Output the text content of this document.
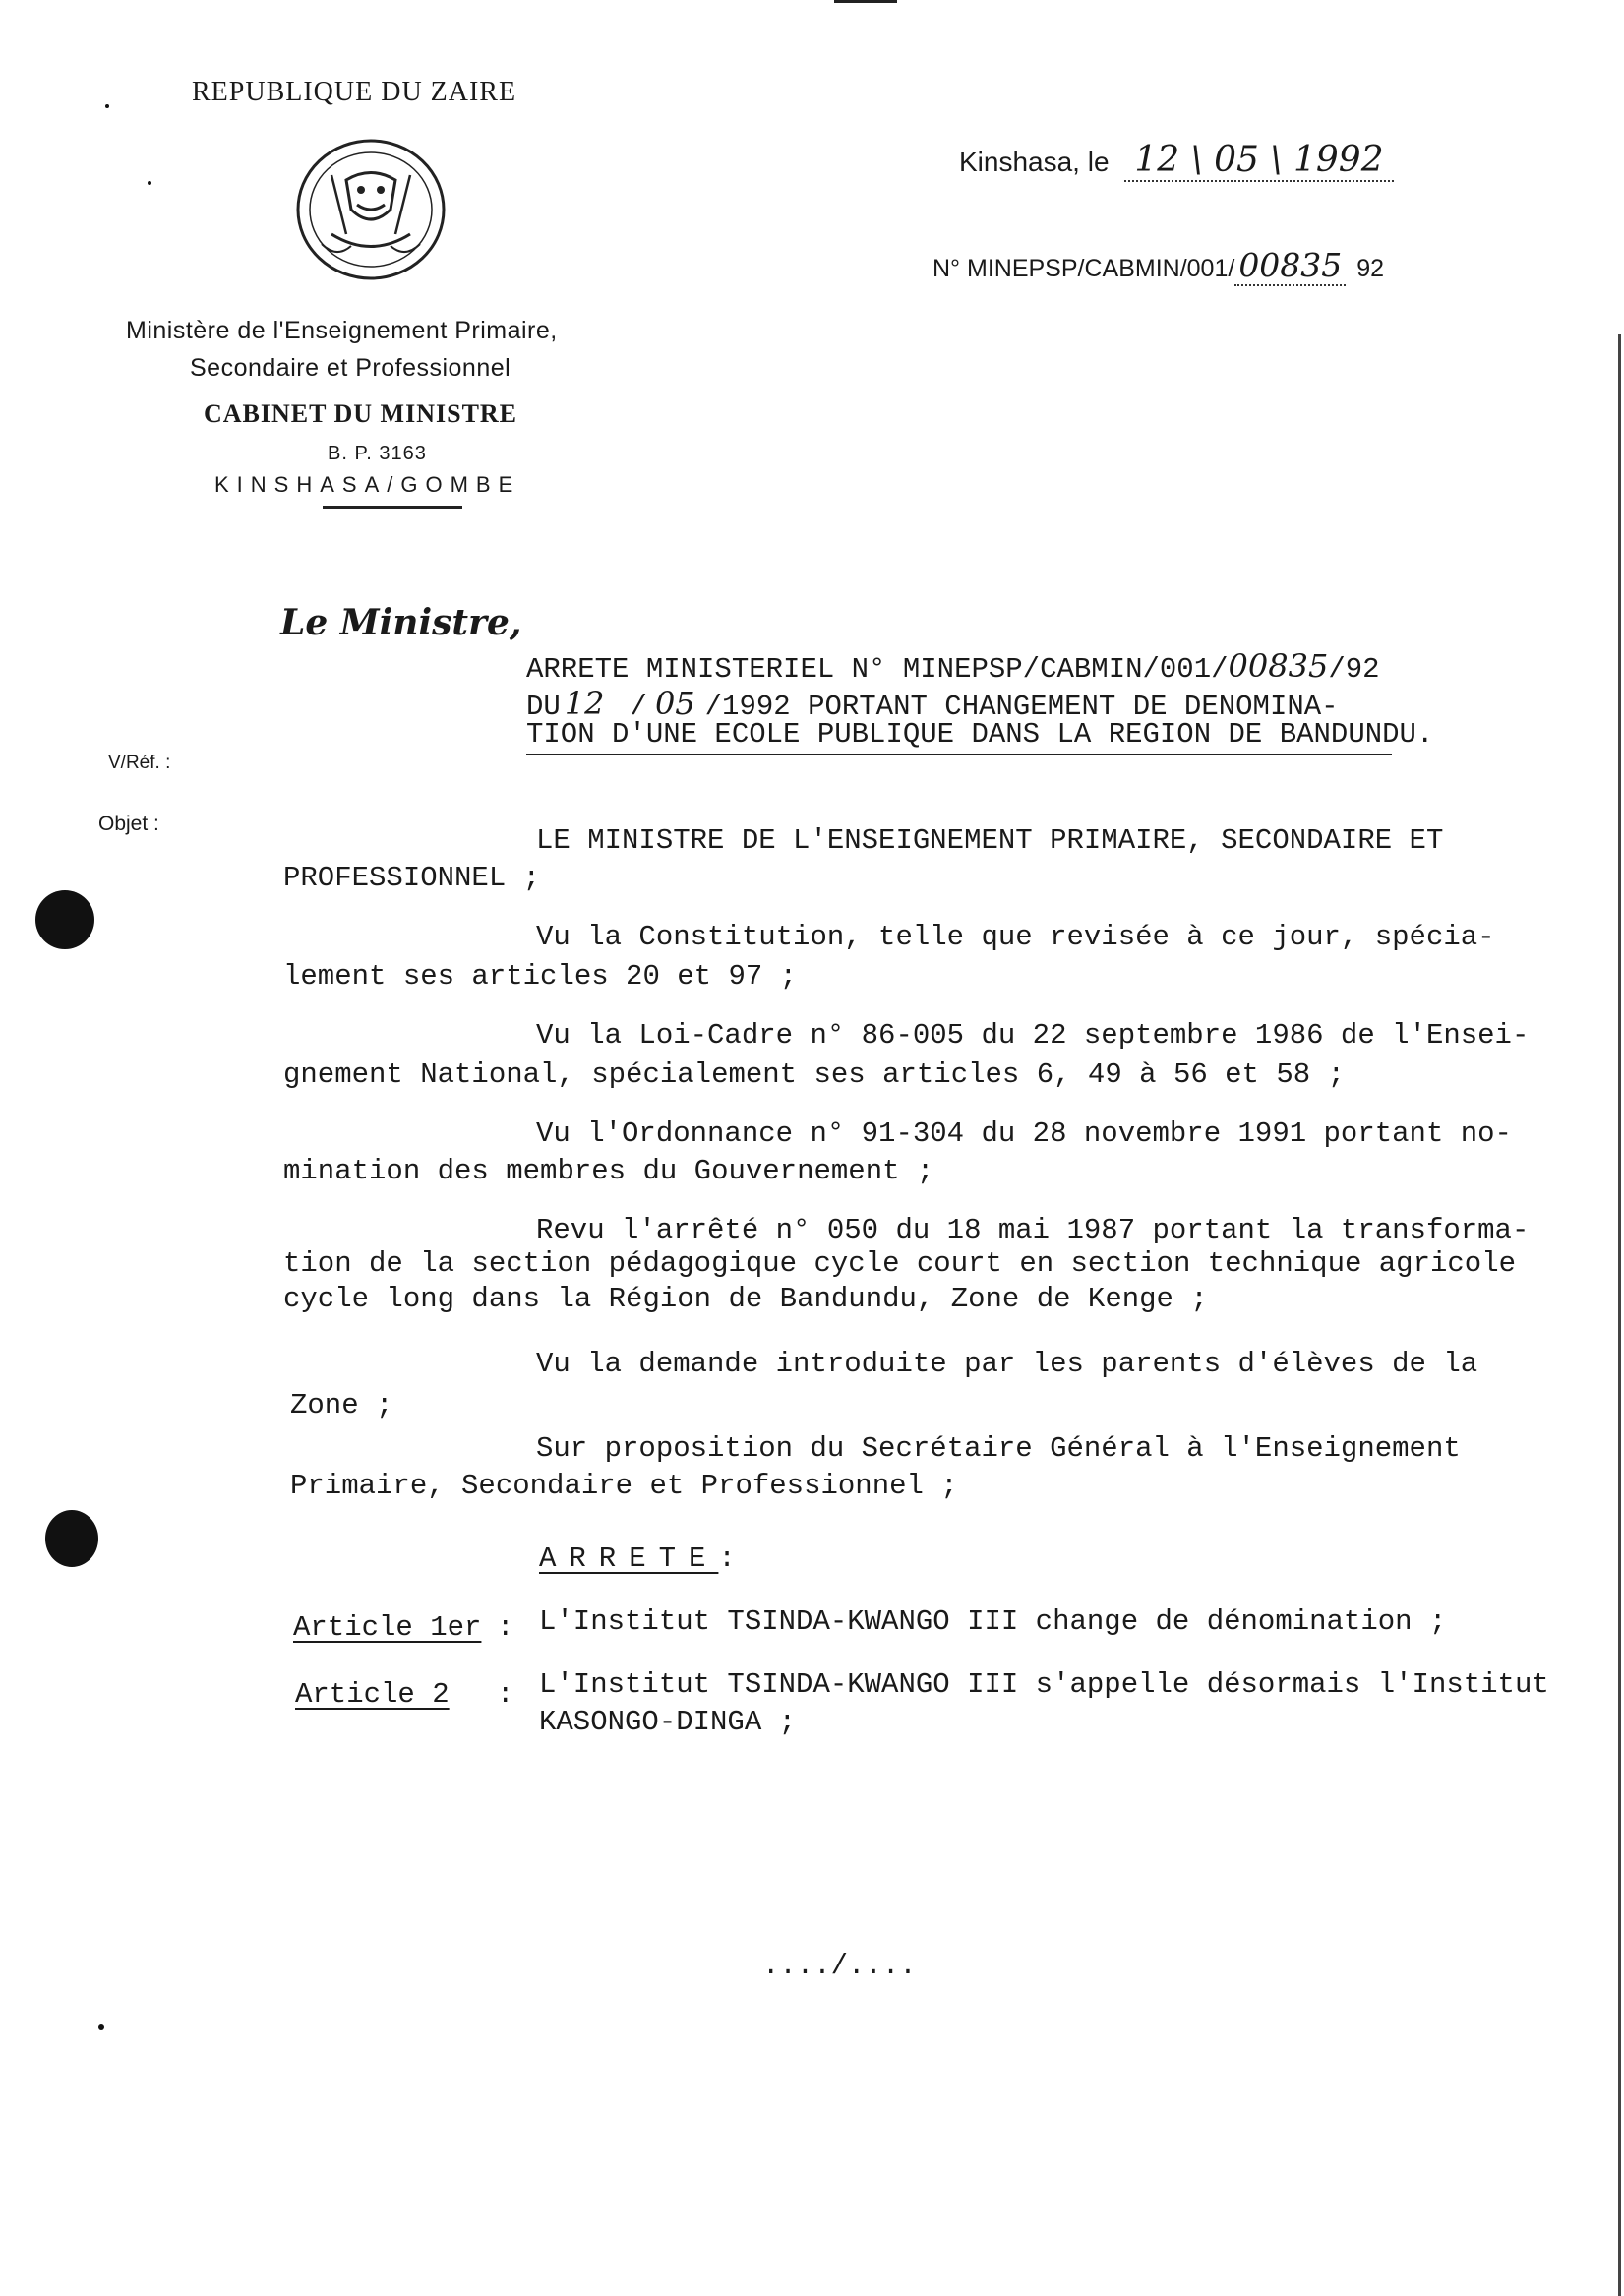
REPUBLIQUE DU ZAIRE
Ministère de l'Enseignement Primaire,
Secondaire et Professionnel
CABINET DU MINISTRE
B. P. 3163
KINSHASA/GOMBE
Kinshasa, le 12 \ 05 \ 1992
N° MINEPSP/CABMIN/001/ 00835 92
Le Ministre,
ARRETE MINISTERIEL N° MINEPSP/CABMIN/001/00835/92
DU 12 / 05 /1992 PORTANT CHANGEMENT DE DENOMINA-
TION D'UNE ECOLE PUBLIQUE DANS LA REGION DE BANDUNDU.
V/Réf. :
Objet :
LE MINISTRE DE L'ENSEIGNEMENT PRIMAIRE, SECONDAIRE ET
PROFESSIONNEL ;
Vu la Constitution, telle que revisée à ce jour, spécia-
lement ses articles 20 et 97 ;
Vu la Loi-Cadre n° 86-005 du 22 septembre 1986 de l'Ensei-
gnement National, spécialement ses articles 6, 49 à 56 et 58 ;
Vu l'Ordonnance n° 91-304 du 28 novembre 1991 portant no-
mination des membres du Gouvernement ;
Revu l'arrêté n° 050 du 18 mai 1987 portant la transforma-
tion de la section pédagogique cycle court en section technique agricole
cycle long dans la Région de Bandundu, Zone de Kenge ;
Vu la demande introduite par les parents d'élèves de la
Zone ;
Sur proposition du Secrétaire Général à l'Enseignement
Primaire, Secondaire et Professionnel ;
ARRETE:
Article 1er : L'Institut TSINDA-KWANGO III change de dénomination ;
Article 2	: L'Institut TSINDA-KWANGO III s'appelle désormais l'Institut
KASONGO-DINGA ;
..../....
